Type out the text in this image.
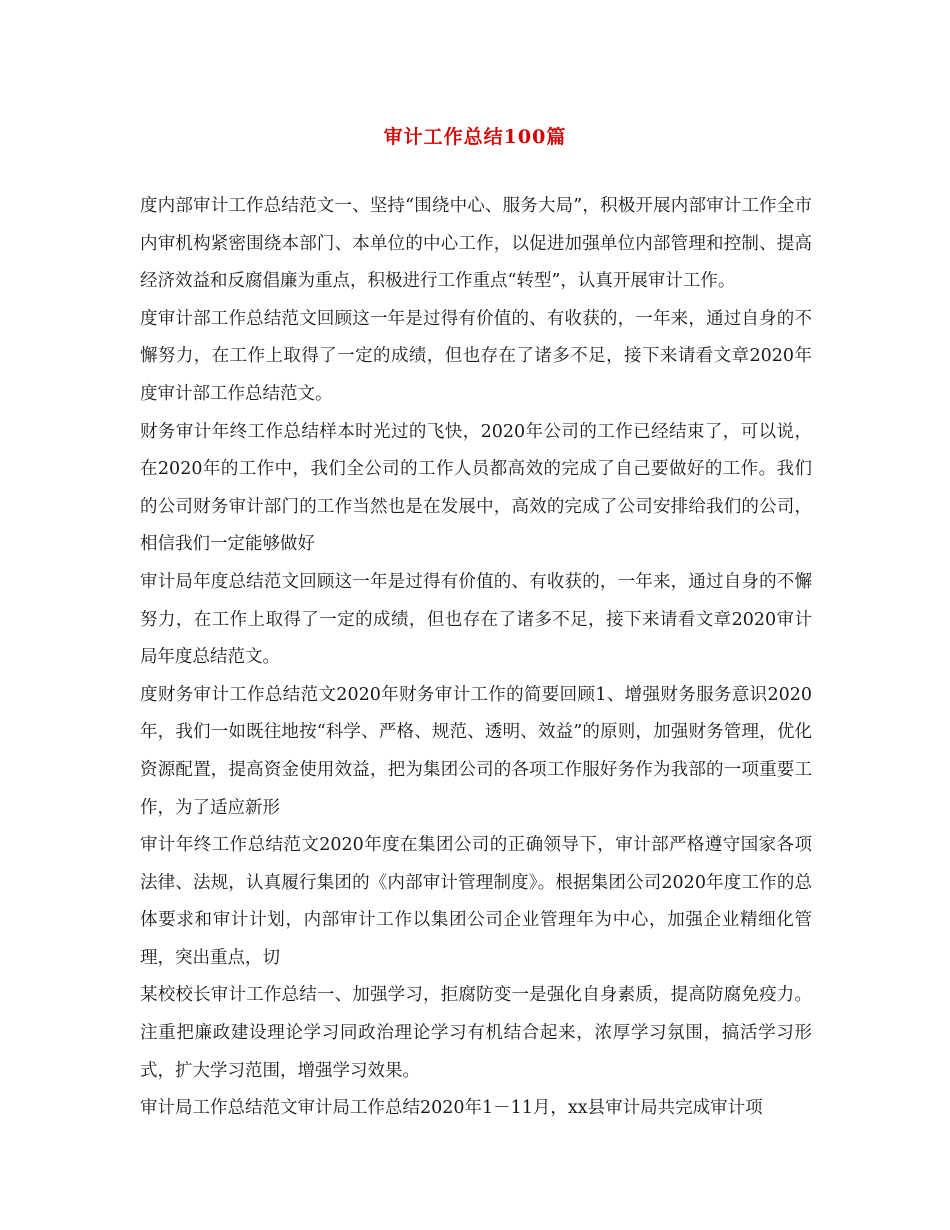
审计工作总结100篇

度内部审计工作总结范文一、坚持“围绕中心、服务大局”，积极开展内部审计工作全市内审机构紧密围绕本部门、本单位的中心工作，以促进加强单位内部管理和控制、提高经济效益和反腐倡廉为重点，积极进行工作重点“转型”，认真开展审计工作。

度审计部工作总结范文回顾这一年是过得有价值的、有收获的，一年来，通过自身的不懈努力，在工作上取得了一定的成绩，但也存在了诸多不足，接下来请看文章2020年度审计部工作总结范文。

财务审计年终工作总结样本时光过的飞快，2020年公司的工作已经结束了，可以说，在2020年的工作中，我们全公司的工作人员都高效的完成了自己要做好的工作。我们的公司财务审计部门的工作当然也是在发展中，高效的完成了公司安排给我们的公司，相信我们一定能够做好

审计局年度总结范文回顾这一年是过得有价值的、有收获的，一年来，通过自身的不懈努力，在工作上取得了一定的成绩，但也存在了诸多不足，接下来请看文章2020审计局年度总结范文。

度财务审计工作总结范文2020年财务审计工作的简要回顾1、增强财务服务意识2020年，我们一如既往地按“科学、严格、规范、透明、效益”的原则，加强财务管理，优化资源配置，提高资金使用效益，把为集团公司的各项工作服好务作为我部的一项重要工作，为了适应新形

审计年终工作总结范文2020年度在集团公司的正确领导下，审计部严格遵守国家各项法律、法规，认真履行集团的《内部审计管理制度》。根据集团公司2020年度工作的总体要求和审计计划，内部审计工作以集团公司企业管理年为中心，加强企业精细化管理，突出重点，切

某校校长审计工作总结一、加强学习，拒腐防变一是强化自身素质，提高防腐免疫力。注重把廉政建设理论学习同政治理论学习有机结合起来，浓厚学习氛围，搞活学习形式，扩大学习范围，增强学习效果。

审计局工作总结范文审计局工作总结2020年1－11月，xx县审计局共完成审计项
